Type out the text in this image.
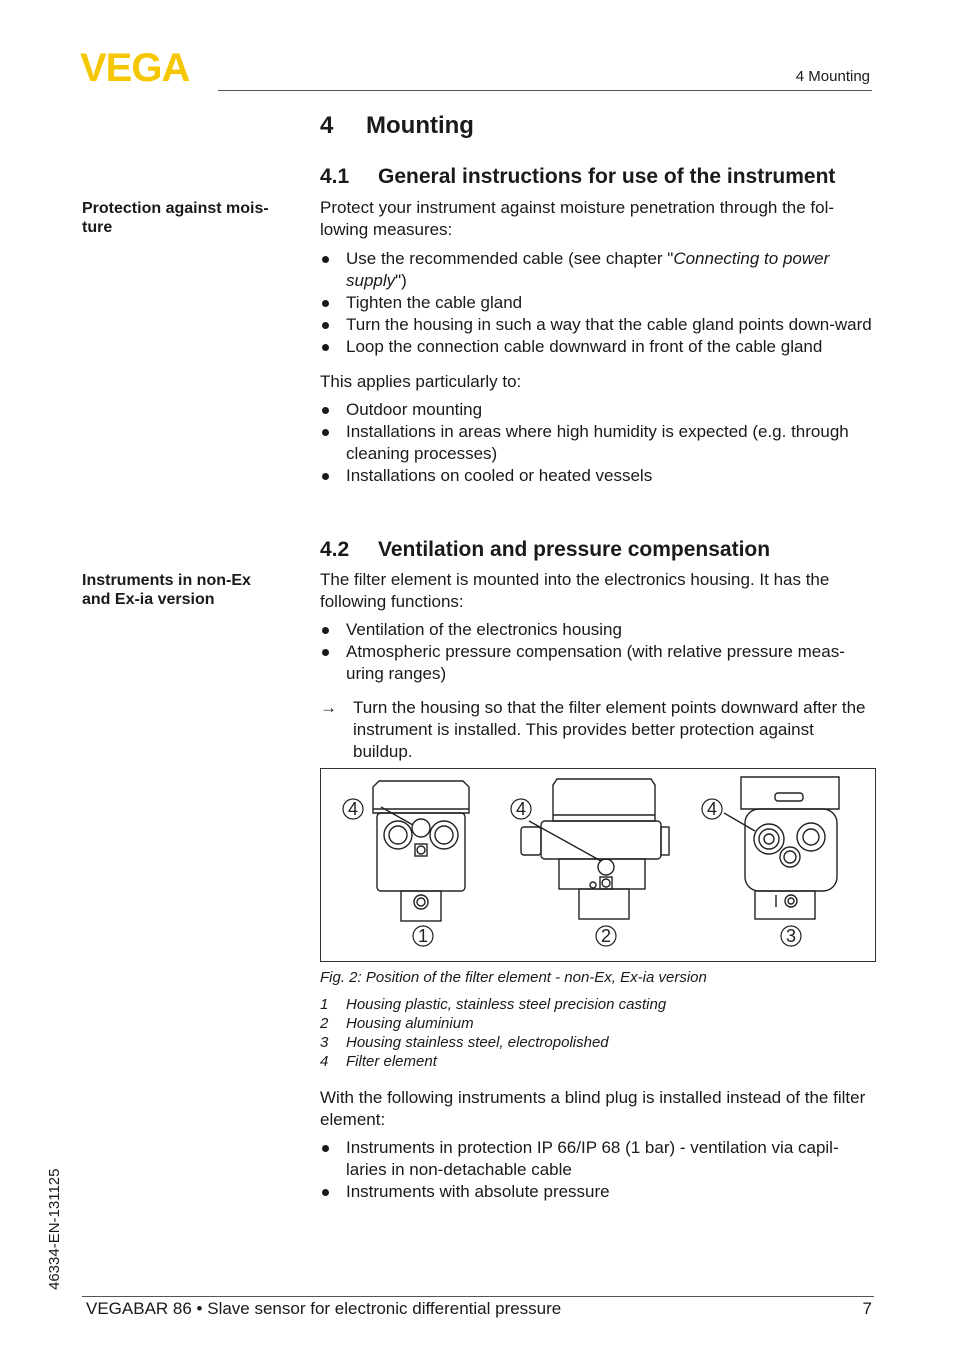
VEGA	4 Mounting
4 Mounting
4.1 General instructions for use of the instrument
Protection against mois-
ture

Protect your instrument against moisture penetration through the fol-lowing measures:

Use the recommended cable (see chapter "Connecting to power supply")
Tighten the cable gland
Turn the housing in such a way that the cable gland points down-ward
Loop the connection cable downward in front of the cable gland

This applies particularly to:

Outdoor mounting
Installations in areas where high humidity is expected (e.g. through cleaning processes)
Installations on cooled or heated vessels
4.2 Ventilation and pressure compensation
Instruments in non-Ex
and Ex-ia version

The filter element is mounted into the electronics housing. It has the following functions:

Ventilation of the electronics housing
Atmospheric pressure compensation (with relative pressure meas-uring ranges)
→ Turn the housing so that the filter element points downward after the instrument is installed. This provides better protection against buildup.
4	4	4
1	2	3
Fig. 2: Position of the filter element - non-Ex, Ex-ia version
1	Housing plastic, stainless steel precision casting
2	Housing aluminium
3	Housing stainless steel, electropolished
4	Filter element

With the following instruments a blind plug is installed instead of the filter element:

Instruments in protection IP 66/IP 68 (1 bar) - ventilation via capil-laries in non-detachable cable
Instruments with absolute pressure
46334-EN-131125
VEGABAR 86 • Slave sensor for electronic differential pressure	7
